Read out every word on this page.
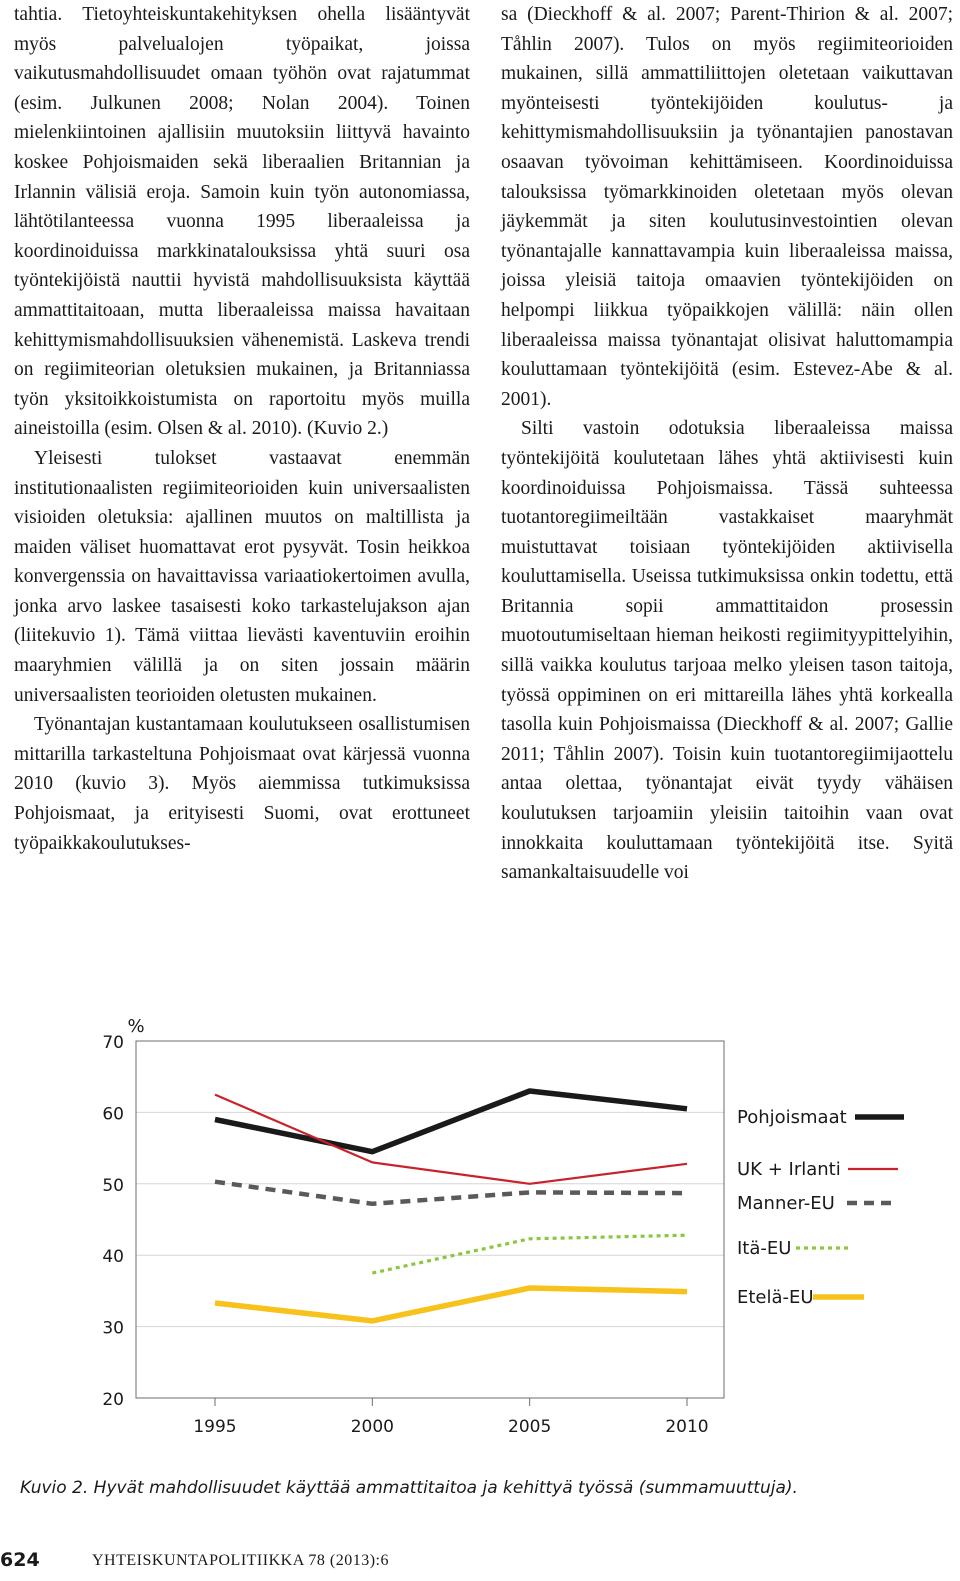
tahtia. Tietoyhteiskuntakehityksen ohella lisääntyvät myös palvelualojen työpaikat, joissa vaikutusmahdollisuudet omaan työhön ovat rajatummat (esim. Julkunen 2008; Nolan 2004). Toinen mielenkiintoinen ajallisiin muutoksiin liittyvä havainto koskee Pohjoismaiden sekä liberaalien Britannian ja Irlannin välisiä eroja. Samoin kuin työn autonomiassa, lähtötilanteessa vuonna 1995 liberaaleissa ja koordinoiduissa markkinatalouksissa yhtä suuri osa työntekijöistä nauttii hyvistä mahdollisuuksista käyttää ammattitaitoaan, mutta liberaaleissa maissa havaitaan kehittymismahdollisuuksien vähenemistä. Laskeva trendi on regiimiteorian oletuksien mukainen, ja Britanniassa työn yksitoikkoistumista on raportoitu myös muilla aineistoilla (esim. Olsen & al. 2010). (Kuvio 2.)

Yleisesti tulokset vastaavat enemmän institutionaalisten regiimiteorioiden kuin universaalisten visioiden oletuksia: ajallinen muutos on maltillista ja maiden väliset huomattavat erot pysyvät. Tosin heikkoa konvergenssia on havaittavissa variaatiokertoimen avulla, jonka arvo laskee tasaisesti koko tarkastelujakson ajan (liitekuvio 1). Tämä viittaa lievästi kaventuviin eroihin maaryhmien välillä ja on siten jossain määrin universaalisten teorioiden oletusten mukainen.

Työnantajan kustantamaan koulutukseen osallistumisen mittarilla tarkasteltuna Pohjoismaat ovat kärjessä vuonna 2010 (kuvio 3). Myös aiemmissa tutkimuksissa Pohjoismaat, ja erityisesti Suomi, ovat erottuneet työpaikkakoulutukses-

sa (Dieckhoff & al. 2007; Parent-Thirion & al. 2007; Tåhlin 2007). Tulos on myös regiimiteorioiden mukainen, sillä ammattiliittojen oletetaan vaikuttavan myönteisesti työntekijöiden koulutus- ja kehittymismahdollisuuksiin ja työnantajien panostavan osaavan työvoiman kehittämiseen. Koordinoiduissa talouksissa työmarkkinoiden oletetaan myös olevan jäykemmät ja siten koulutusinvestointien olevan työnantajalle kannattavampia kuin liberaaleissa maissa, joissa yleisiä taitoja omaavien työntekijöiden on helpompi liikkua työpaikkojen välillä: näin ollen liberaaleissa maissa työnantajat olisivat haluttomampia kouluttamaan työntekijöitä (esim. Estevez-Abe & al. 2001).

Silti vastoin odotuksia liberaaleissa maissa työntekijöitä koulutetaan lähes yhtä aktiivisesti kuin koordinoiduissa Pohjoismaissa. Tässä suhteessa tuotantoregiimeiltään vastakkaiset maaryhmät muistuttavat toisiaan työntekijöiden aktiivisella kouluttamisella. Useissa tutkimuksissa onkin todettu, että Britannia sopii ammattitaidon prosessin muotoutumiseltaan hieman heikosti regiimityypittelyihin, sillä vaikka koulutus tarjoaa melko yleisen tason taitoja, työssä oppiminen on eri mittareilla lähes yhtä korkealla tasolla kuin Pohjoismaissa (Dieckhoff & al. 2007; Gallie 2011; Tåhlin 2007). Toisin kuin tuotantoregiimijaottelu antaa olettaa, työnantajat eivät tyydy vähäisen koulutuksen tarjoamiin yleisiin taitoihin vaan ovat innokkaita kouluttamaan työntekijöitä itse. Syitä samankaltaisuudelle voi

20
30
40
50
60
70
%
1995	2000	2005	2010
Pohjoismaat
UK + Irlanti
Manner-EU
Itä-EU
Etelä-EU
Kuvio 2. Hyvät mahdollisuudet käyttää ammattitaitoa ja kehittyä työssä (summamuuttuja).
624	YHTEISKUNTAPOLITIIKKA 78 (2013):6
